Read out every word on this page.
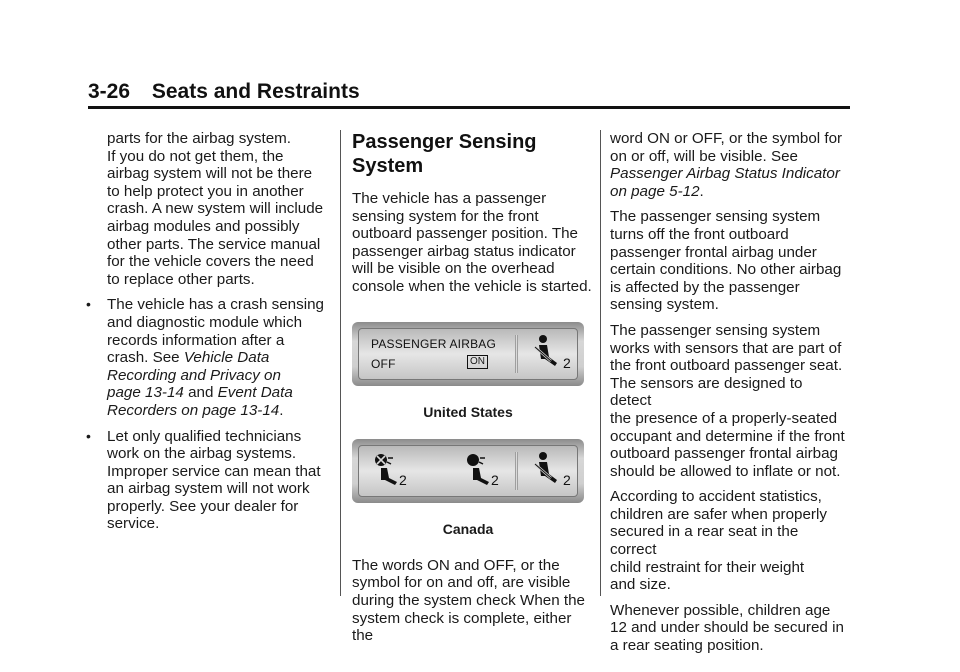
3-26 Seats and Restraints

parts for the airbag system.
If you do not get them, the
airbag system will not be there
to help protect you in another
crash. A new system will include
airbag modules and possibly
other parts. The service manual
for the vehicle covers the need
to replace other parts.

• The vehicle has a crash sensing
and diagnostic module which
records information after a
crash. See Vehicle Data
Recording and Privacy on
page 13-14 and Event Data
Recorders on page 13-14.

• Let only qualified technicians
work on the airbag systems.
Improper service can mean that
an airbag system will not work
properly. See your dealer for
service.

Passenger Sensing
System

The vehicle has a passenger
sensing system for the front
outboard passenger position. The
passenger airbag status indicator
will be visible on the overhead
console when the vehicle is started.

PASSENGER AIRBAG
OFF	ON	2
United States
2	2	2
Canada

The words ON and OFF, or the
symbol for on and off, are visible
during the system check When the
system check is complete, either the

word ON or OFF, or the symbol for
on or off, will be visible. See
Passenger Airbag Status Indicator
on page 5-12.

The passenger sensing system
turns off the front outboard
passenger frontal airbag under
certain conditions. No other airbag
is affected by the passenger
sensing system.

The passenger sensing system
works with sensors that are part of
the front outboard passenger seat.
The sensors are designed to detect
the presence of a properly-seated
occupant and determine if the front
outboard passenger frontal airbag
should be allowed to inflate or not.

According to accident statistics,
children are safer when properly
secured in a rear seat in the correct
child restraint for their weight
and size.

Whenever possible, children age
12 and under should be secured in
a rear seating position.
